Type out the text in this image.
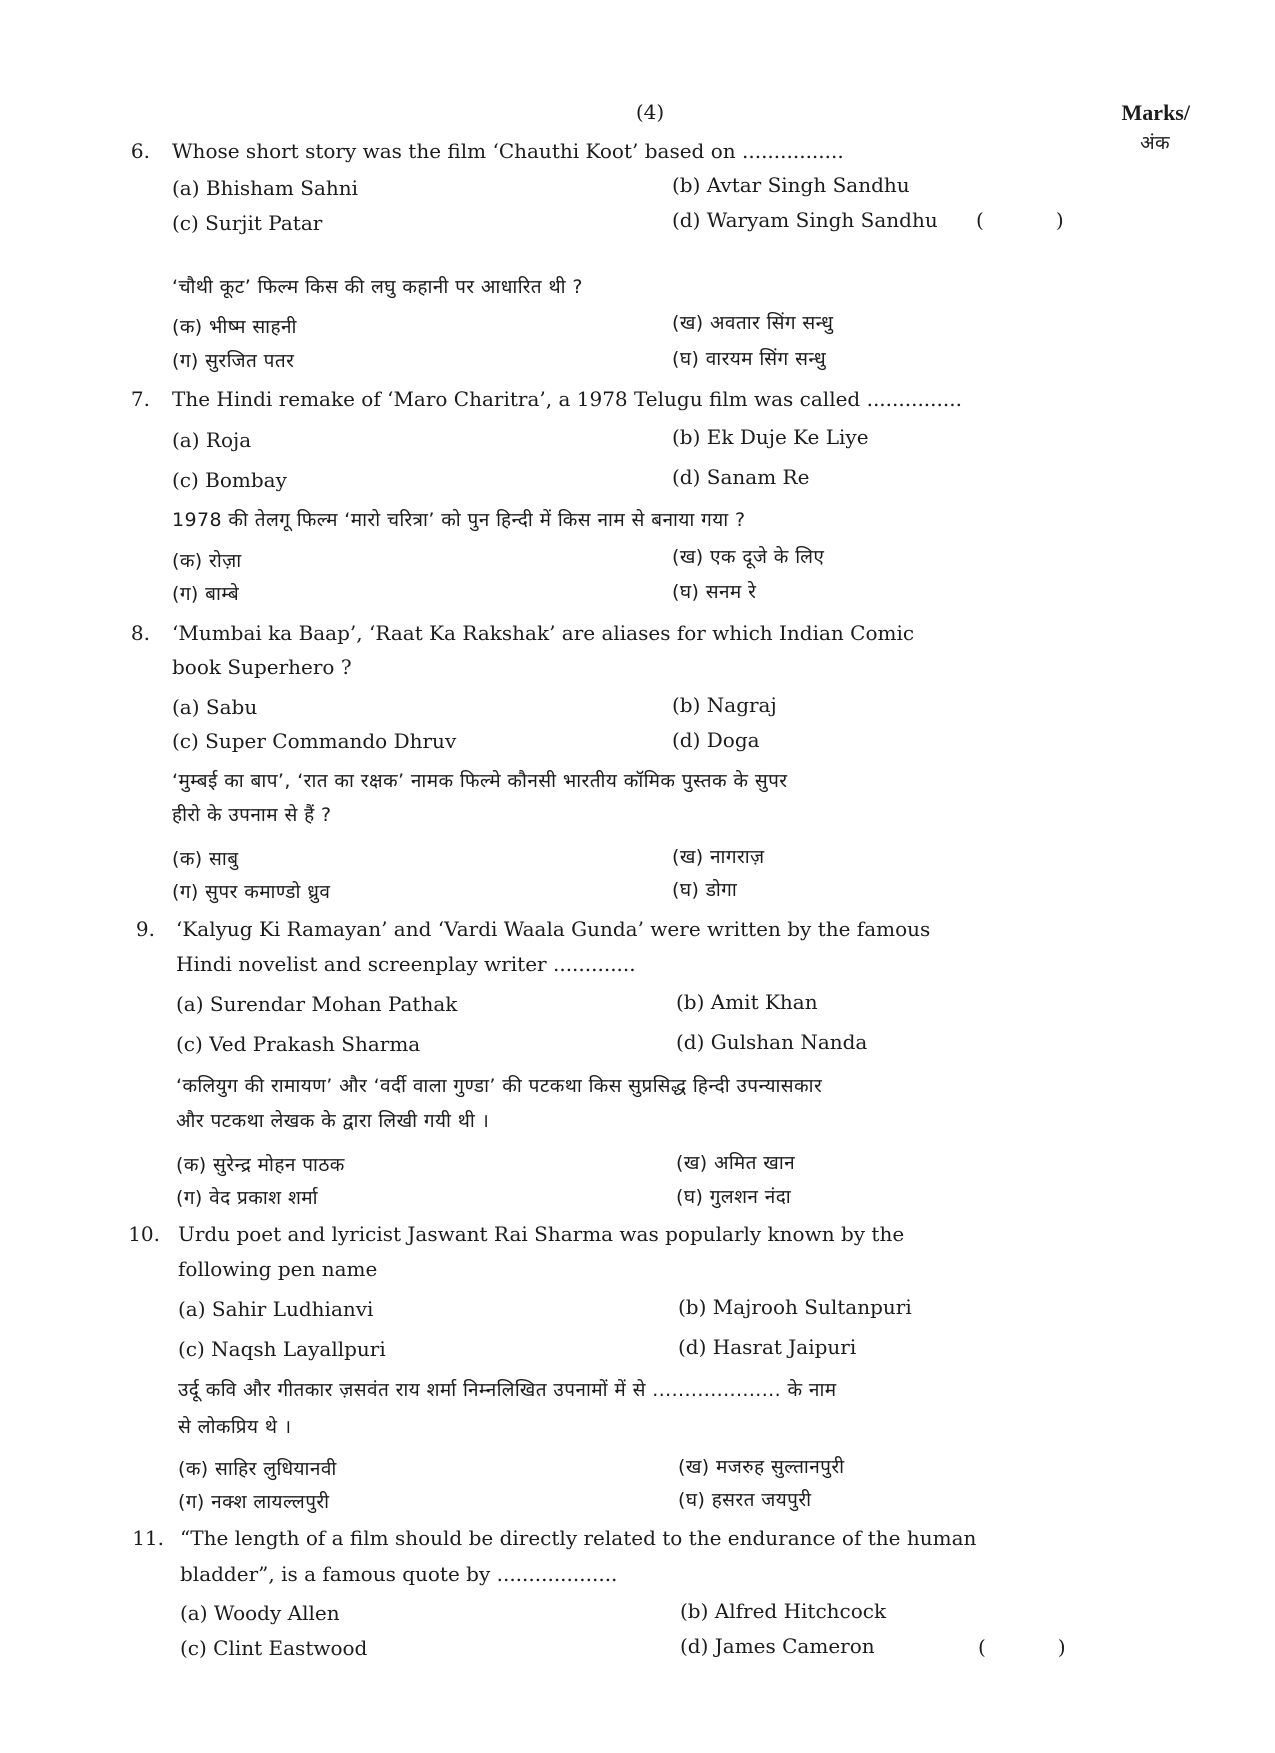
(4)	Marks/
अंक
6. Whose short story was the film ‘Chauthi Koot’ based on ................
(a) Bhisham Sahni	(b) Avtar Singh Sandhu
(c) Surjit Patar	(d) Waryam Singh Sandhu (	)
‘चौथी कूट’ फिल्म किस की लघु कहानी पर आधारित थी ?
(क) भीष्म साहनी	(ख) अवतार सिंग सन्धु
(ग) सुरजित पतर	(घ) वारयम सिंग सन्धु
7. The Hindi remake of ‘Maro Charitra’, a 1978 Telugu film was called ...............
(a) Roja	(b) Ek Duje Ke Liye
(c) Bombay	(d) Sanam Re
1978 की तेलगू फिल्म ‘मारो चरित्रा’ को पुन हिन्दी में किस नाम से बनाया गया ?
(क) रोज़ा	(ख) एक दूजे के लिए
(ग) बाम्बे	(घ) सनम रे
8. ‘Mumbai ka Baap’, ‘Raat Ka Rakshak’ are aliases for which Indian Comic
book Superhero ?
(a) Sabu	(b) Nagraj
(c) Super Commando Dhruv	(d) Doga
‘मुम्बई का बाप’, ‘रात का रक्षक’ नामक फिल्मे कौनसी भारतीय कॉमिक पुस्तक के सुपर
हीरो के उपनाम से हैं ?
(क) साबु	(ख) नागराज़
(ग) सुपर कमाण्डो ध्रुव	(घ) डोगा
9. ‘Kalyug Ki Ramayan’ and ‘Vardi Waala Gunda’ were written by the famous
Hindi novelist and screenplay writer .............
(a) Surendar Mohan Pathak	(b) Amit Khan
(c) Ved Prakash Sharma	(d) Gulshan Nanda
‘कलियुग की रामायण’ और ‘वर्दी वाला गुण्डा’ की पटकथा किस सुप्रसिद्ध हिन्दी उपन्यासकार
और पटकथा लेखक के द्वारा लिखी गयी थी ।
(क) सुरेन्द्र मोहन पाठक	(ख) अमित खान
(ग) वेद प्रकाश शर्मा	(घ) गुलशन नंदा
10. Urdu poet and lyricist Jaswant Rai Sharma was popularly known by the
following pen name
(a) Sahir Ludhianvi	(b) Majrooh Sultanpuri
(c) Naqsh Layallpuri	(d) Hasrat Jaipuri
उर्दू कवि और गीतकार ज़सवंत राय शर्मा निम्नलिखित उपनामों में से .................... के नाम
से लोकप्रिय थे ।
(क) साहिर लुधियानवी	(ख) मजरुह सुल्तानपुरी
(ग) नक्श लायल्लपुरी	(घ) हसरत जयपुरी
11. “The length of a film should be directly related to the endurance of the human
bladder”, is a famous quote by ...................
(a) Woody Allen	(b) Alfred Hitchcock
(c) Clint Eastwood	(d) James Cameron	(	)
